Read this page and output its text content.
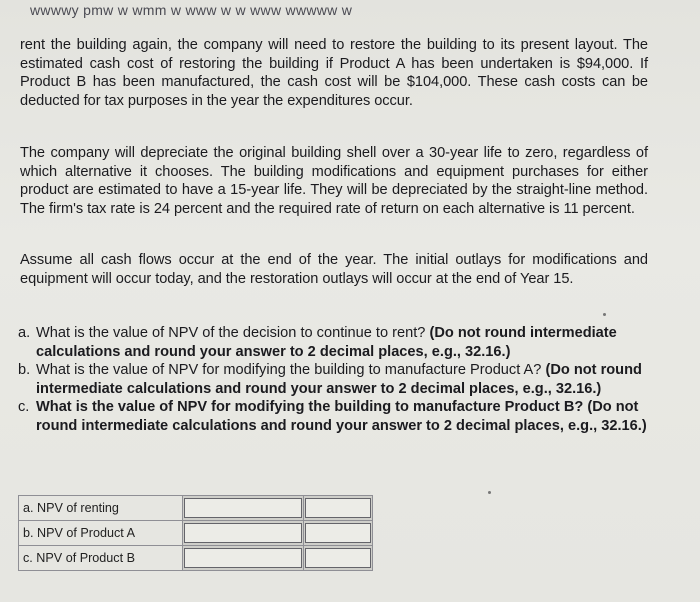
wwwwy pmw w wmm w www w w www wwwww w
rent the building again, the company will need to restore the building to its present layout. The estimated cash cost of restoring the building if Product A has been undertaken is $94,000. If Product B has been manufactured, the cash cost will be $104,000. These cash costs can be deducted for tax purposes in the year the expenditures occur.
The company will depreciate the original building shell over a 30-year life to zero, regardless of which alternative it chooses. The building modifications and equipment purchases for either product are estimated to have a 15-year life. They will be depreciated by the straight-line method. The firm's tax rate is 24 percent and the required rate of return on each alternative is 11 percent.
Assume all cash flows occur at the end of the year. The initial outlays for modifications and equipment will occur today, and the restoration outlays will occur at the end of Year 15.
a. What is the value of NPV of the decision to continue to rent? (Do not round intermediate calculations and round your answer to 2 decimal places, e.g., 32.16.)
b. What is the value of NPV for modifying the building to manufacture Product A? (Do not round intermediate calculations and round your answer to 2 decimal places, e.g., 32.16.)
c. What is the value of NPV for modifying the building to manufacture Product B? (Do not round intermediate calculations and round your answer to 2 decimal places, e.g., 32.16.)
a. NPV of renting	

b. NPV of Product A	

c. NPV of Product B	
